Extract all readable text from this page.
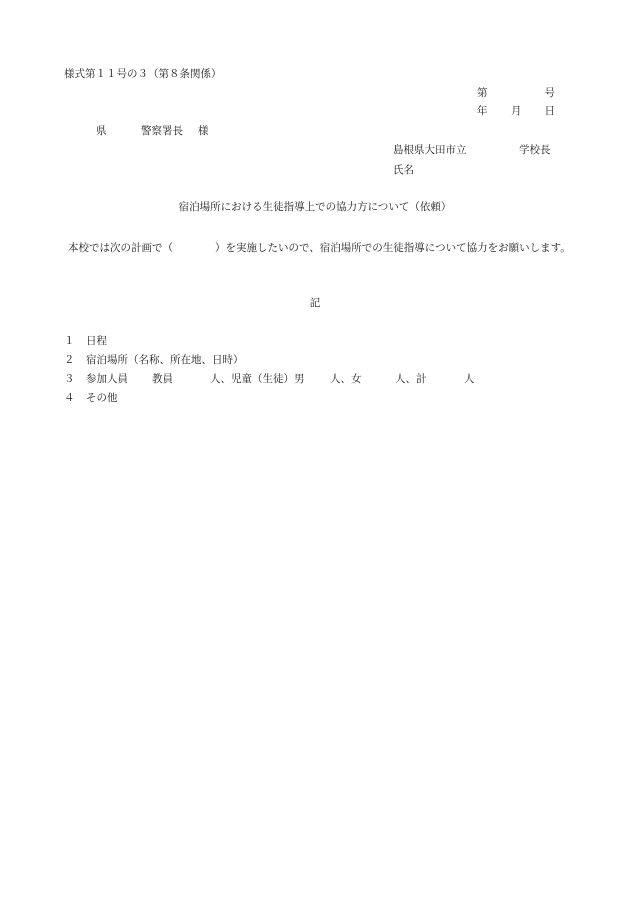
様式第１１号の３（第８条関係）
第	号
年 月 日
県	警察署長 様
島根県大田市立	学校長
氏名
宿泊場所における生徒指導上での協力方について（依頼）
本校では次の計画で（　　　　）を実施したいので、宿泊場所での生徒指導について協力をお願いします。
記
１ 日程
２ 宿泊場所（名称、所在地、日時）
３ 参加人員 教員	人、児童（生徒）男 人、女	人、計	人
４ その他
